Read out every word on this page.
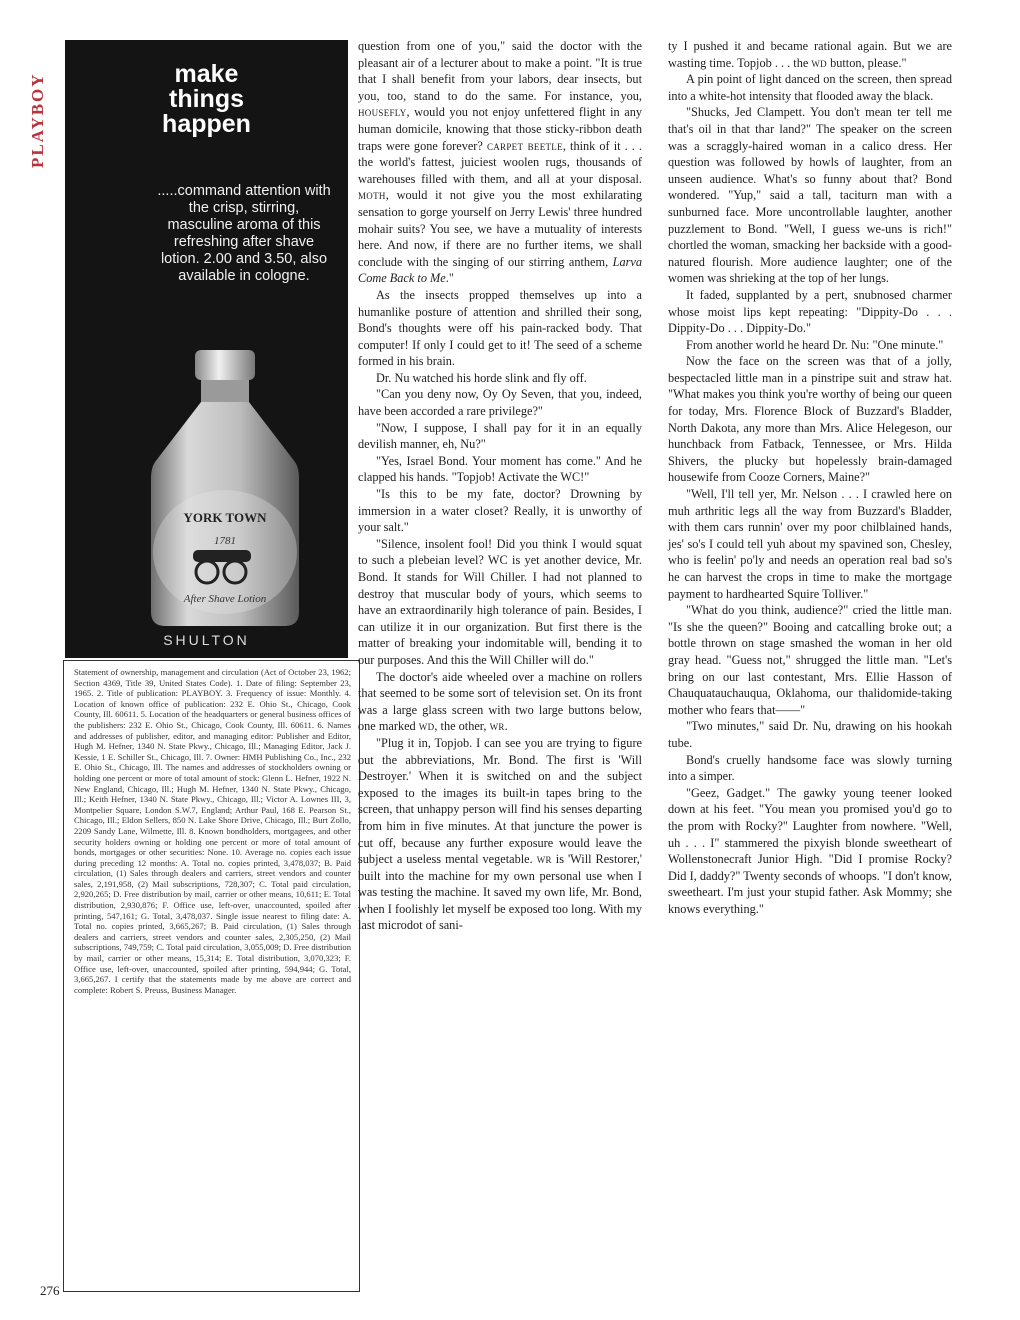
PLAYBOY
276
make
things
happen

.....command attention with the crisp, stirring, masculine aroma of this refreshing after shave lotion. 2.00 and 3.50, also available in cologne.

YORK TOWN
1781
After Shave Lotion
SHULTON
Statement of ownership, management and circulation (Act of October 23, 1962; Section 4369, Title 39, United States Code). 1. Date of filing: September 23, 1965. 2. Title of publication: PLAYBOY. 3. Frequency of issue: Monthly. 4. Location of known office of publication: 232 E. Ohio St., Chicago, Cook County, Ill. 60611. 5. Location of the headquarters or general business offices of the publishers: 232 E. Ohio St., Chicago, Cook County, Ill. 60611. 6. Names and addresses of publisher, editor, and managing editor: Publisher and Editor, Hugh M. Hefner, 1340 N. State Pkwy., Chicago, Ill.; Managing Editor, Jack J. Kessie, 1 E. Schiller St., Chicago, Ill. 7. Owner: HMH Publishing Co., Inc., 232 E. Ohio St., Chicago, Ill. The names and addresses of stockholders owning or holding one percent or more of total amount of stock: Glenn L. Hefner, 1922 N. New England, Chicago, Ill.; Hugh M. Hefner, 1340 N. State Pkwy., Chicago, Ill.; Keith Hefner, 1340 N. State Pkwy., Chicago, Ill.; Victor A. Lownes III, 3, Montpelier Square, London S.W.7, England; Arthur Paul, 168 E. Pearson St., Chicago, Ill.; Eldon Sellers, 850 N. Lake Shore Drive, Chicago, Ill.; Burt Zollo, 2209 Sandy Lane, Wilmette, Ill. 8. Known bondholders, mortgagees, and other security holders owning or holding one percent or more of total amount of bonds, mortgages or other securities: None. 10. Average no. copies each issue during preceding 12 months: A. Total no. copies printed, 3,478,037; B. Paid circulation, (1) Sales through dealers and carriers, street vendors and counter sales, 2,191,958, (2) Mail subscriptions, 728,307; C. Total paid circulation, 2,920,265; D. Free distribution by mail, carrier or other means, 10,611; E. Total distribution, 2,930,876; F. Office use, left-over, unaccounted, spoiled after printing, 547,161; G. Total, 3,478,037. Single issue nearest to filing date: A. Total no. copies printed, 3,665,267; B. Paid circulation, (1) Sales through dealers and carriers, street vendors and counter sales, 2,305,250, (2) Mail subscriptions, 749,759; C. Total paid circulation, 3,055,009; D. Free distribution by mail, carrier or other means, 15,314; E. Total distribution, 3,070,323; F. Office use, left-over, unaccounted, spoiled after printing, 594,944; G. Total, 3,665,267. I certify that the statements made by me above are correct and complete: Robert S. Preuss, Business Manager.

question from one of you," said the doctor with the pleasant air of a lecturer about to make a point. "It is true that I shall benefit from your labors, dear insects, but you, too, stand to do the same. For instance, you, housefly, would you not enjoy unfettered flight in any human domicile, knowing that those sticky-ribbon death traps were gone forever? carpet beetle, think of it . . . the world's fattest, juiciest woolen rugs, thousands of warehouses filled with them, and all at your disposal. moth, would it not give you the most exhilarating sensation to gorge yourself on Jerry Lewis' three hundred mohair suits? You see, we have a mutuality of interests here. And now, if there are no further items, we shall conclude with the singing of our stirring anthem, Larva Come Back to Me."

As the insects propped themselves up into a humanlike posture of attention and shrilled their song, Bond's thoughts were off his pain-racked body. That computer! If only I could get to it! The seed of a scheme formed in his brain.

Dr. Nu watched his horde slink and fly off.

"Can you deny now, Oy Oy Seven, that you, indeed, have been accorded a rare privilege?"

"Now, I suppose, I shall pay for it in an equally devilish manner, eh, Nu?"

"Yes, Israel Bond. Your moment has come." And he clapped his hands. "Topjob! Activate the WC!"

"Is this to be my fate, doctor? Drowning by immersion in a water closet? Really, it is unworthy of your salt."

"Silence, insolent fool! Did you think I would squat to such a plebeian level? WC is yet another device, Mr. Bond. It stands for Will Chiller. I had not planned to destroy that muscular body of yours, which seems to have an extraordinarily high tolerance of pain. Besides, I can utilize it in our organization. But first there is the matter of breaking your indomitable will, bending it to our purposes. And this the Will Chiller will do."

The doctor's aide wheeled over a machine on rollers that seemed to be some sort of television set. On its front was a large glass screen with two large buttons below, one marked wd, the other, wr.

"Plug it in, Topjob. I can see you are trying to figure out the abbreviations, Mr. Bond. The first is 'Will Destroyer.' When it is switched on and the subject exposed to the images its built-in tapes bring to the screen, that unhappy person will find his senses departing from him in five minutes. At that juncture the power is cut off, because any further exposure would leave the subject a useless mental vegetable. wr is 'Will Restorer,' built into the machine for my own personal use when I was testing the machine. It saved my own life, Mr. Bond, when I foolishly let myself be exposed too long. With my last microdot of sani-

ty I pushed it and became rational again. But we are wasting time. Topjob . . . the wd button, please."

A pin point of light danced on the screen, then spread into a white-hot intensity that flooded away the black.

"Shucks, Jed Clampett. You don't mean ter tell me that's oil in that thar land?" The speaker on the screen was a scraggly-haired woman in a calico dress. Her question was followed by howls of laughter, from an unseen audience. What's so funny about that? Bond wondered. "Yup," said a tall, taciturn man with a sunburned face. More uncontrollable laughter, another puzzlement to Bond. "Well, I guess we-uns is rich!" chortled the woman, smacking her backside with a good-natured flourish. More audience laughter; one of the women was shrieking at the top of her lungs.

It faded, supplanted by a pert, snubnosed charmer whose moist lips kept repeating: "Dippity-Do . . . Dippity-Do . . . Dippity-Do."

From another world he heard Dr. Nu: "One minute."

Now the face on the screen was that of a jolly, bespectacled little man in a pinstripe suit and straw hat. "What makes you think you're worthy of being our queen for today, Mrs. Florence Block of Buzzard's Bladder, North Dakota, any more than Mrs. Alice Helegeson, our hunchback from Fatback, Tennessee, or Mrs. Hilda Shivers, the plucky but hopelessly brain-damaged housewife from Cooze Corners, Maine?"

"Well, I'll tell yer, Mr. Nelson . . . I crawled here on muh arthritic legs all the way from Buzzard's Bladder, with them cars runnin' over my poor chilblained hands, jes' so's I could tell yuh about my spavined son, Chesley, who is feelin' po'ly and needs an operation real bad so's he can harvest the crops in time to make the mortgage payment to hardhearted Squire Tolliver."

"What do you think, audience?" cried the little man. "Is she the queen?" Booing and catcalling broke out; a bottle thrown on stage smashed the woman in her old gray head. "Guess not," shrugged the little man. "Let's bring on our last contestant, Mrs. Ellie Hasson of Chauquatauchauqua, Oklahoma, our thalidomide-taking mother who fears that——"

"Two minutes," said Dr. Nu, drawing on his hookah tube.

Bond's cruelly handsome face was slowly turning into a simper.

"Geez, Gadget." The gawky young teener looked down at his feet. "You mean you promised you'd go to the prom with Rocky?" Laughter from nowhere. "Well, uh . . . I" stammered the pixyish blonde sweetheart of Wollenstonecraft Junior High. "Did I promise Rocky? Did I, daddy?" Twenty seconds of whoops. "I don't know, sweetheart. I'm just your stupid father. Ask Mommy; she knows everything."
